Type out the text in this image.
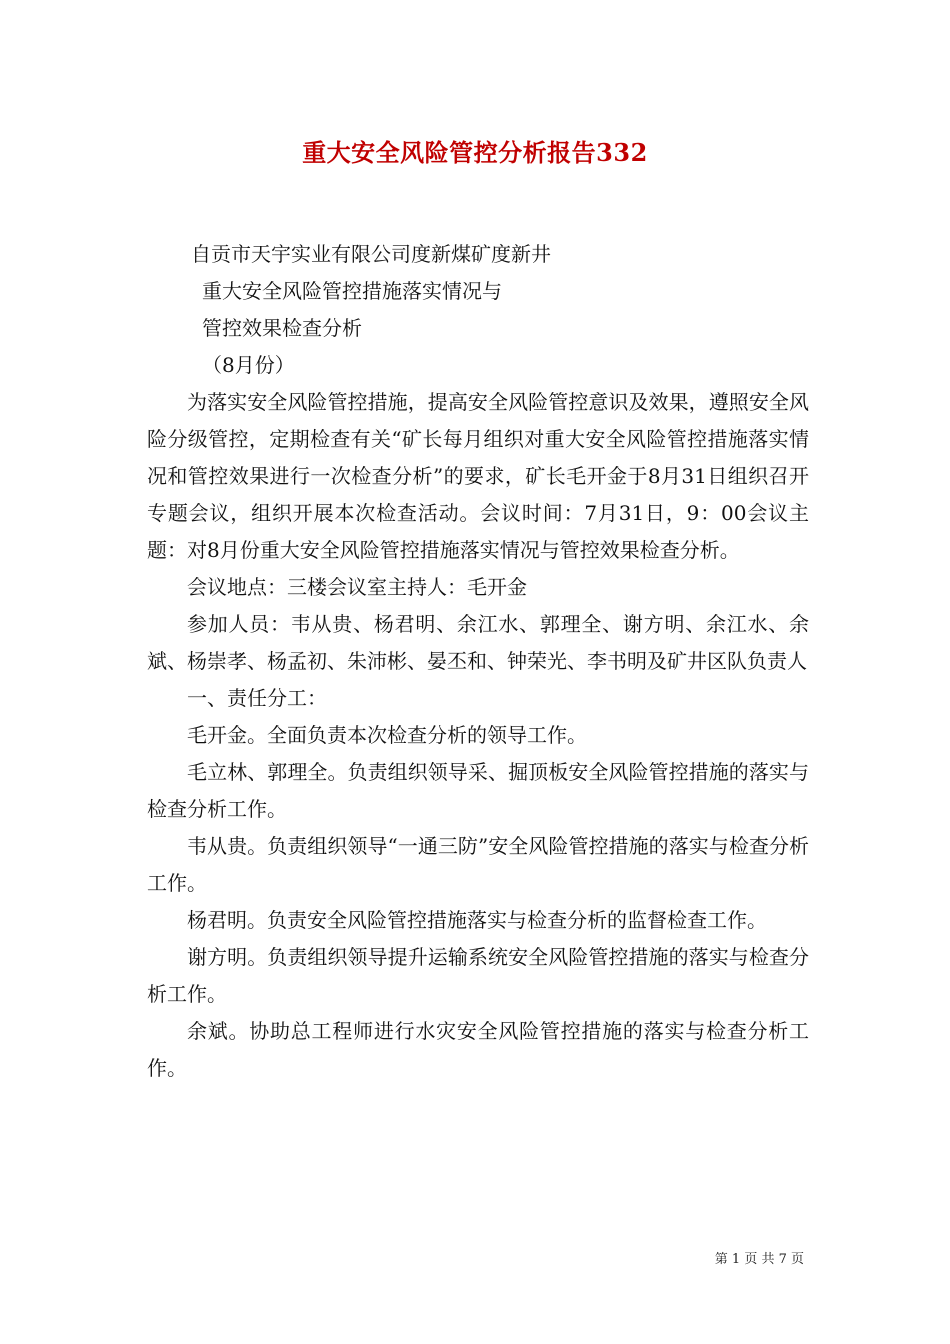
重大安全风险管控分析报告332

自贡市天宇实业有限公司度新煤矿度新井

重大安全风险管控措施落实情况与

管控效果检查分析

（8月份）

为落实安全风险管控措施，提高安全风险管控意识及效果，遵照安全风险分级管控，定期检查有关“矿长每月组织对重大安全风险管控措施落实情况和管控效果进行一次检查分析”的要求，矿长毛开金于8月31日组织召开专题会议，组织开展本次检查活动。会议时间：7月31日，9：00会议主题：对8月份重大安全风险管控措施落实情况与管控效果检查分析。

会议地点：三楼会议室主持人：毛开金

参加人员：韦从贵、杨君明、余江水、郭理全、谢方明、余江水、余斌、杨崇孝、杨孟初、朱沛彬、晏丕和、钟荣光、李书明及矿井区队负责人

一、责任分工：

毛开金。全面负责本次检查分析的领导工作。

毛立林、郭理全。负责组织领导采、掘顶板安全风险管控措施的落实与检查分析工作。

韦从贵。负责组织领导“一通三防”安全风险管控措施的落实与检查分析工作。

杨君明。负责安全风险管控措施落实与检查分析的监督检查工作。

谢方明。负责组织领导提升运输系统安全风险管控措施的落实与检查分析工作。

余斌。协助总工程师进行水灾安全风险管控措施的落实与检查分析工作。

第 1 页 共 7 页
